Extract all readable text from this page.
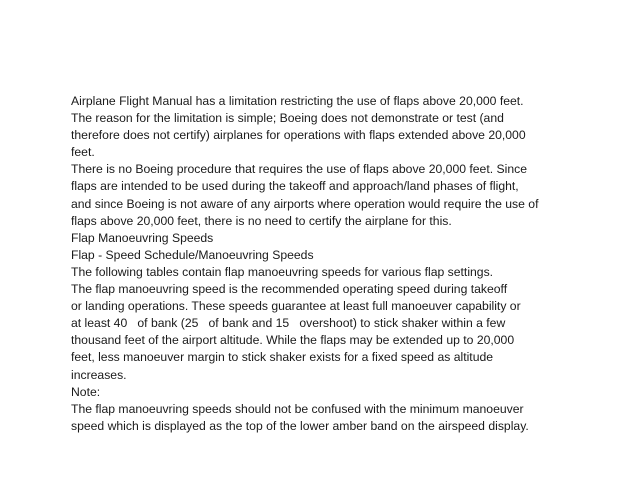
Airplane Flight Manual has a limitation restricting the use of flaps above 20,000 feet.
The reason for the limitation is simple; Boeing does not demonstrate or test (and
therefore does not certify) airplanes for operations with flaps extended above 20,000
feet.
There is no Boeing procedure that requires the use of flaps above 20,000 feet. Since
flaps are intended to be used during the takeoff and approach/land phases of flight,
and since Boeing is not aware of any airports where operation would require the use of
flaps above 20,000 feet, there is no need to certify the airplane for this.
Flap Manoeuvring Speeds
Flap - Speed Schedule/Manoeuvring Speeds
The following tables contain flap manoeuvring speeds for various flap settings.
The flap manoeuvring speed is the recommended operating speed during takeoff
or landing operations. These speeds guarantee at least full manoeuver capability or
at least 40   of bank (25   of bank and 15   overshoot) to stick shaker within a few
thousand feet of the airport altitude. While the flaps may be extended up to 20,000
feet, less manoeuver margin to stick shaker exists for a fixed speed as altitude
increases.
Note:
The flap manoeuvring speeds should not be confused with the minimum manoeuver
speed which is displayed as the top of the lower amber band on the airspeed display.
